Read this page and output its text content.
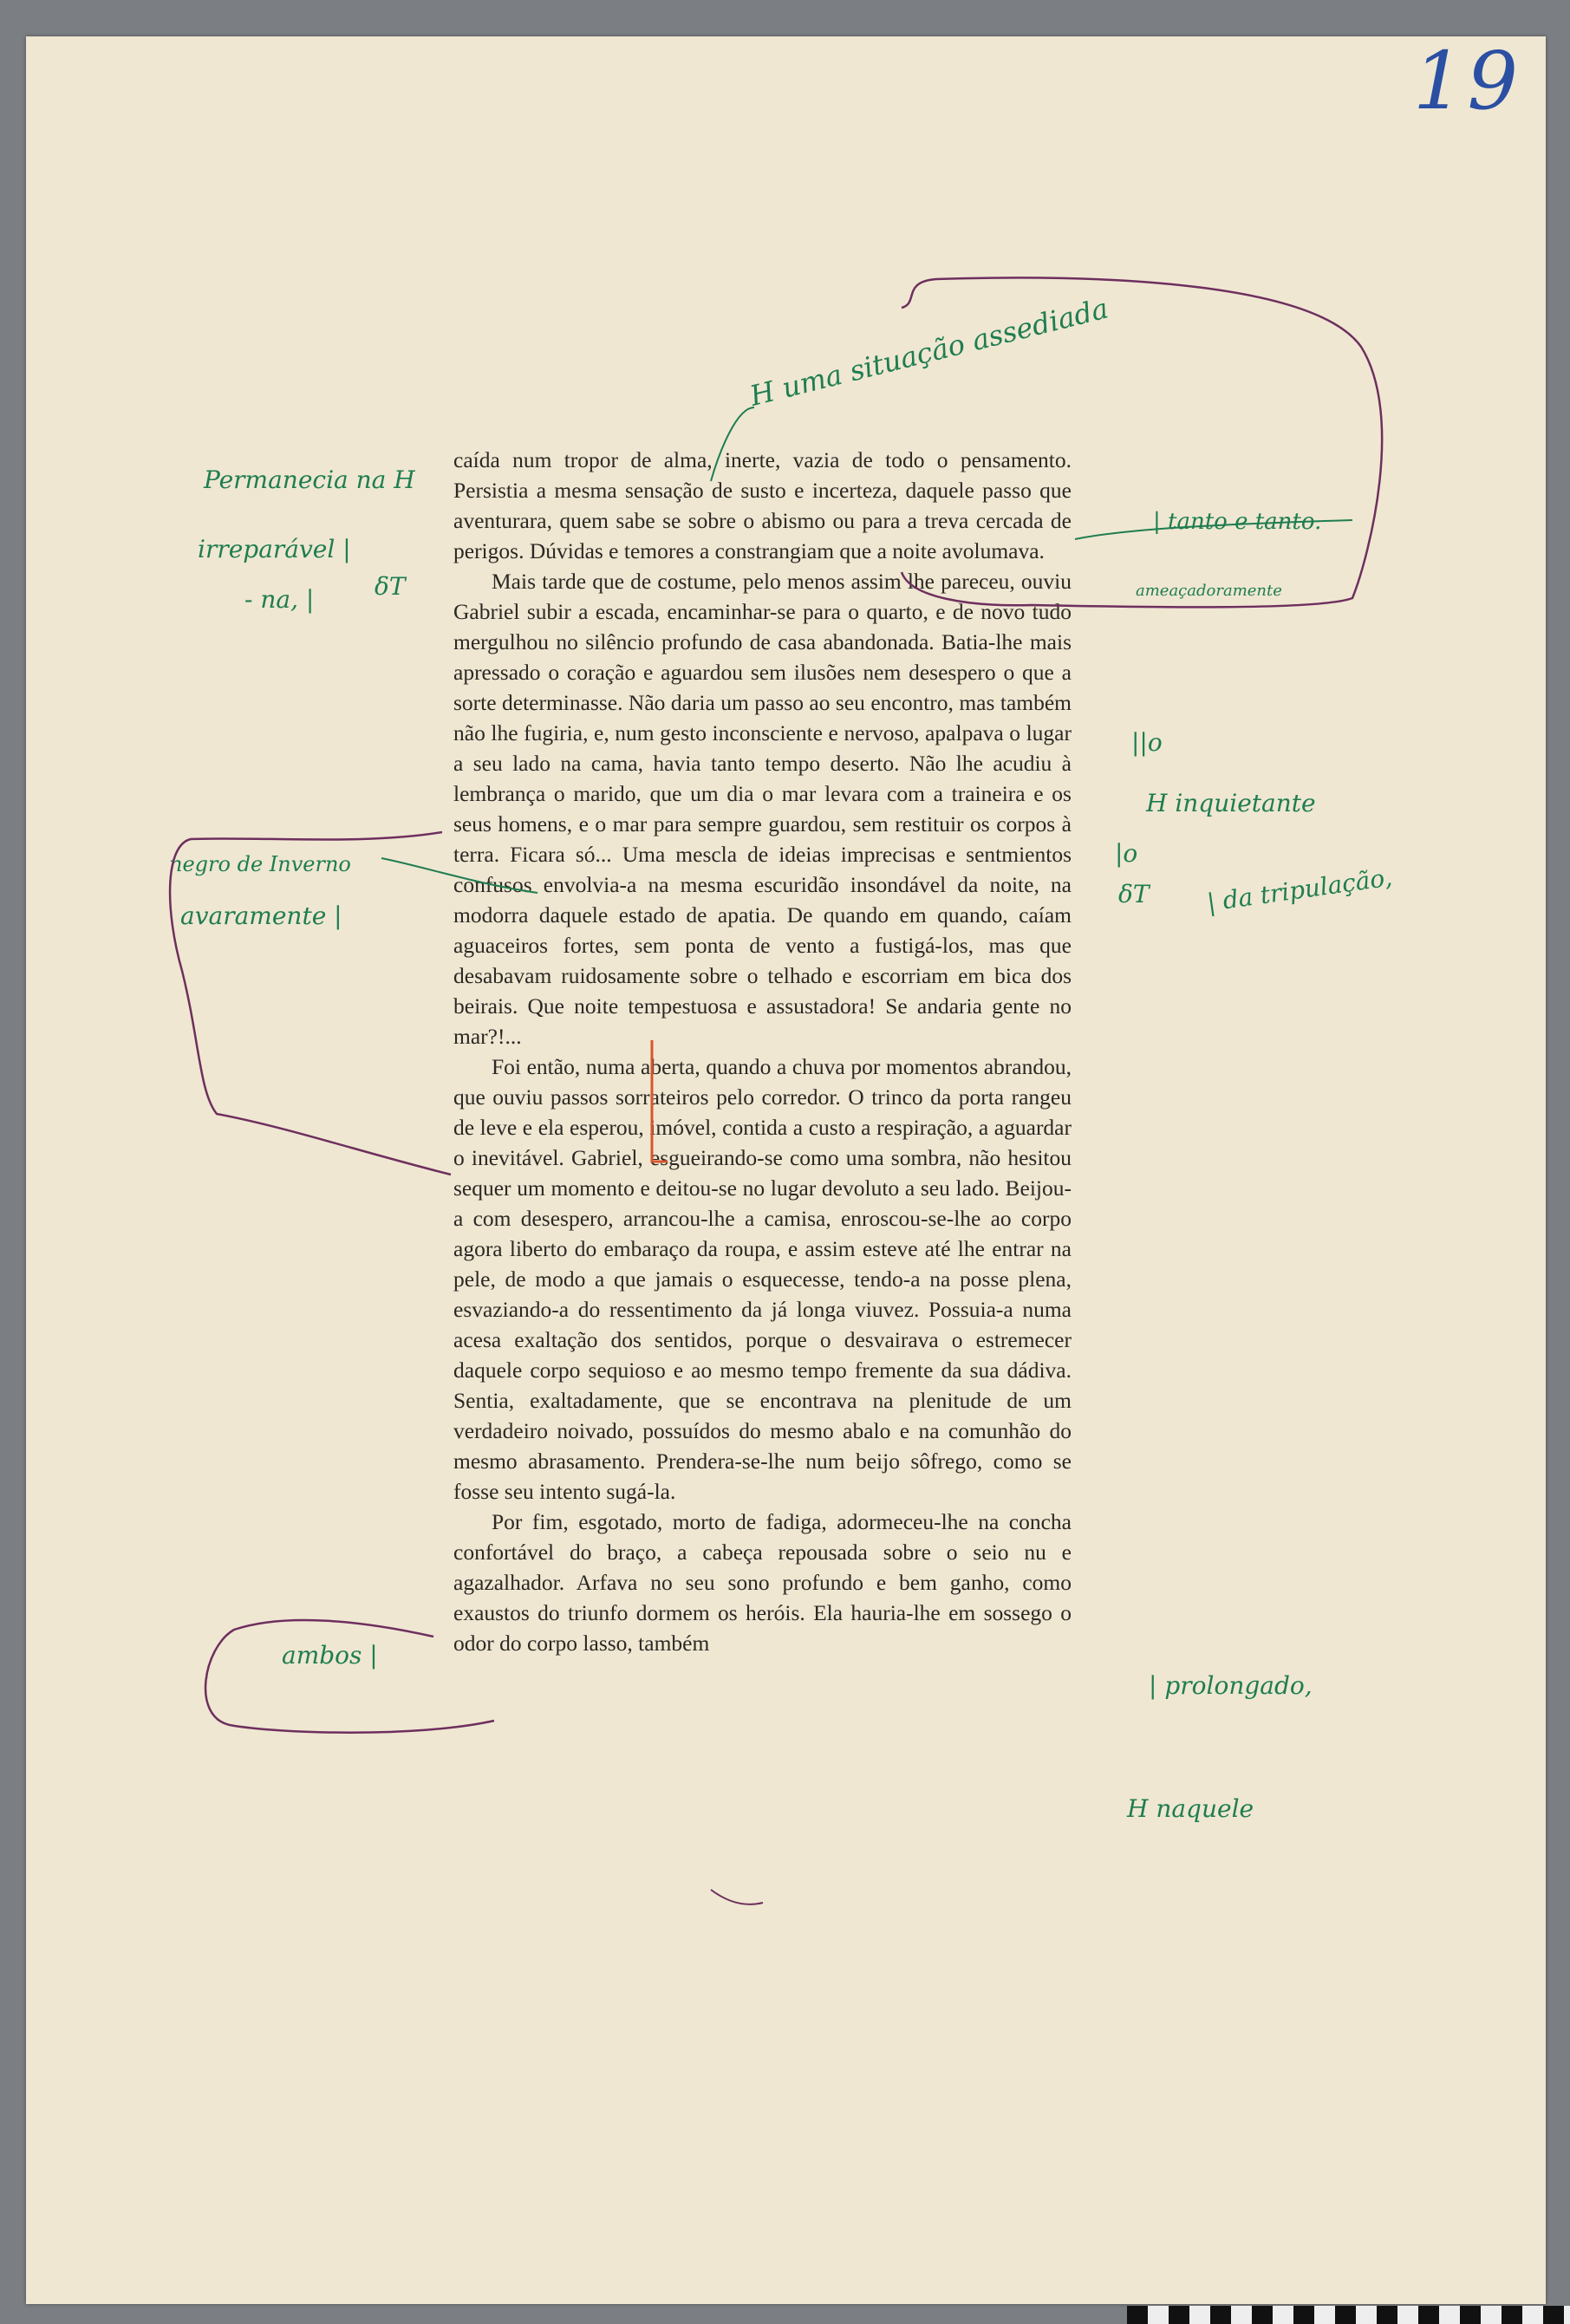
19

caída num tropor de alma, inerte, vazia de todo o pensamento. Persistia a mesma sensação de susto e incerteza, daquele passo que aventurara, quem sabe se sobre o abismo ou para a treva cercada de perigos. Dúvidas e temores a constrangiam que a noite avolumava.

Mais tarde que de costume, pelo menos assim lhe pareceu, ouviu Gabriel subir a escada, encaminhar-se para o quarto, e de novo tudo mergulhou no silêncio profundo de casa abandonada. Batia-lhe mais apressado o coração e aguardou sem ilusões nem desespero o que a sorte determinasse. Não daria um passo ao seu encontro, mas também não lhe fugiria, e, num gesto inconsciente e nervoso, apalpava o lugar a seu lado na cama, havia tanto tempo deserto. Não lhe acudiu à lembrança o marido, que um dia o mar levara com a traineira e os seus homens, e o mar para sempre guardou, sem restituir os corpos à terra. Ficara só... Uma mescla de ideias imprecisas e sentmientos confusos envolvia-a na mesma escuridão insondável da noite, na modorra daquele estado de apatia. De quando em quando, caíam aguaceiros fortes, sem ponta de vento a fustigá-los, mas que desabavam ruidosamente sobre o telhado e escorriam em bica dos beirais. Que noite tempestuosa e assustadora! Se andaria gente no mar?!...

Foi então, numa aberta, quando a chuva por momentos abrandou, que ouviu passos sorrateiros pelo corredor. O trinco da porta rangeu de leve e ela esperou, imóvel, contida a custo a respiração, a aguardar o inevitável. Gabriel, esgueirando-se como uma sombra, não hesitou sequer um momento e deitou-se no lugar devoluto a seu lado. Beijou-a com desespero, arrancou-lhe a camisa, enroscou-se-lhe ao corpo agora liberto do embaraço da roupa, e assim esteve até lhe entrar na pele, de modo a que jamais o esquecesse, tendo-a na posse plena, esvaziando-a do ressentimento da já longa viuvez. Possuia-a numa acesa exaltação dos sentidos, porque o desvairava o estremecer daquele corpo sequioso e ao mesmo tempo fremente da sua dádiva. Sentia, exaltadamente, que se encontrava na plenitude de um verdadeiro noivado, possuídos do mesmo abalo e na comunhão do mesmo abrasamento. Prendera-se-lhe num beijo sôfrego, como se fosse seu intento sugá-la.

Por fim, esgotado, morto de fadiga, adormeceu-lhe na concha confortável do braço, a cabeça repousada sobre o seio nu e agazalhador. Arfava no seu sono profundo e bem ganho, como exaustos do triunfo dormem os heróis. Ela hauria-lhe em sossego o odor do corpo lasso, também

H uma situação assediada
Permanecia na H
irreparável |
- na, | δT
| tanto e tanto.
ameaçadoramente
||o
H inquietante
|o
δT | da tripulação,
negro de Inverno
avaramente |
ambos |
| prolongado,
H naquele
